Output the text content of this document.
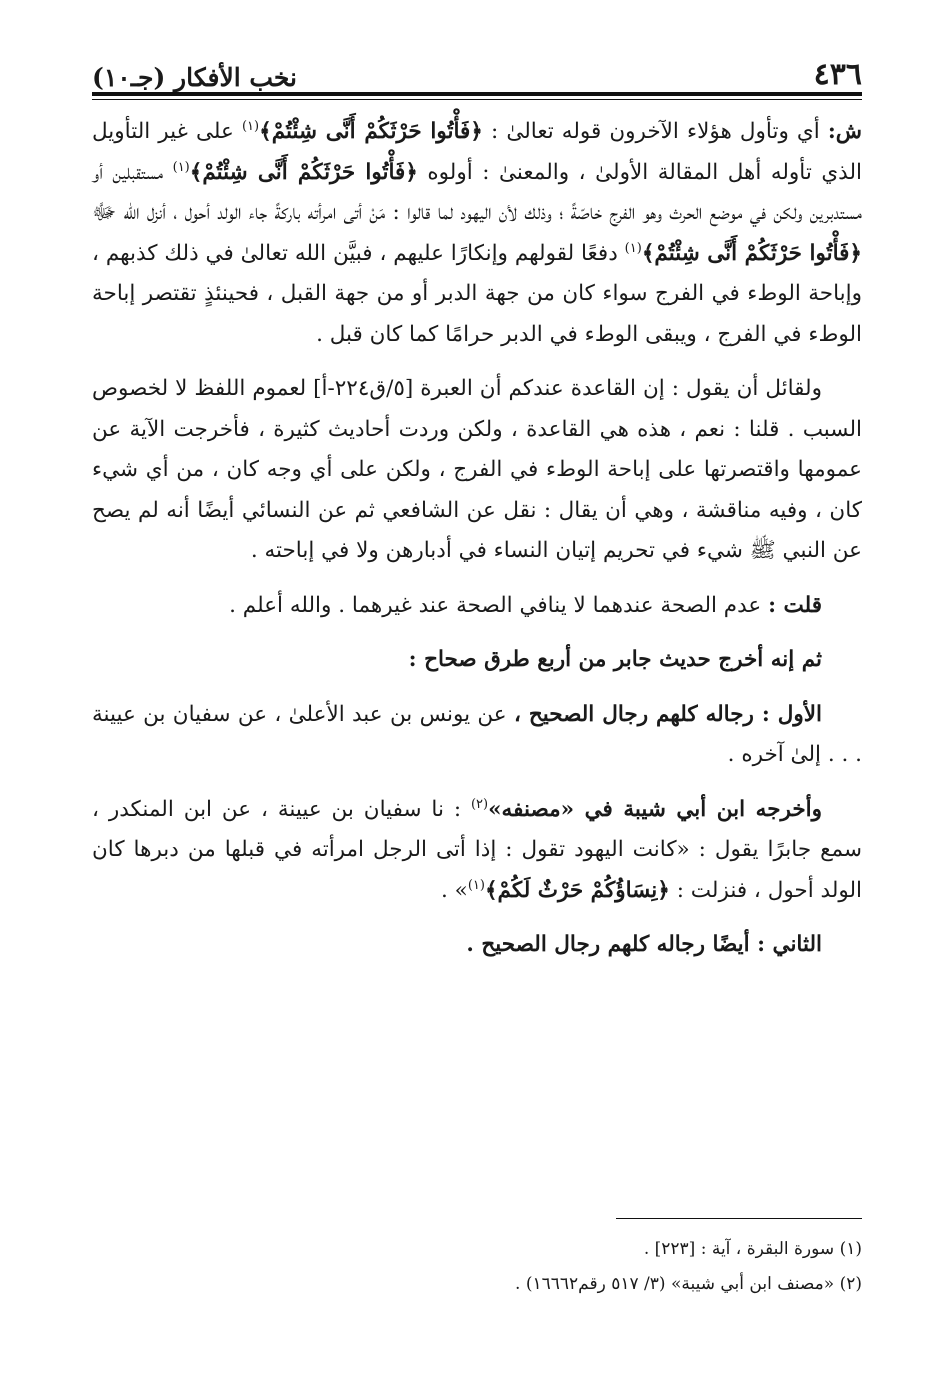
٤٣٦
نخب الأفكار (جـ١٠)

ش: أي وتأول هؤلاء الآخرون قوله تعالىٰ : ﴿فَأْتُوا حَرْثَكُمْ أَنَّى شِئْتُمْ﴾$^{(١)}$ على غير التأويل الذي تأوله أهل المقالة الأولىٰ ، والمعنىٰ : أولوه ﴿فَأْتُوا حَرْثَكُمْ أَنَّى شِئْتُمْ﴾$^{(١)}$ مستقبلين أو مستدبرين ولكن في موضع الحرث وهو الفرج خاصّةً ؛ وذلك لأن اليهود لما قالوا : مَنْ أتى امرأته باركةً جاء الولد أحول ، أنزل الله ﷻ ﴿فَأْتُوا حَرْثَكُمْ أَنَّى شِئْتُمْ﴾$^{(١)}$ دفعًا لقولهم وإنكارًا عليهم ، فبيَّن الله تعالىٰ في ذلك كذبهم ، وإباحة الوطء في الفرج سواء كان من جهة الدبر أو من جهة القبل ، فحينئذٍ تقتصر إباحة الوطء في الفرج ، ويبقى الوطء في الدبر حرامًا كما كان قبل .

ولقائل أن يقول : إن القاعدة عندكم أن العبرة [٥/ق٢٢٤-أ] لعموم اللفظ لا لخصوص السبب . قلنا : نعم ، هذه هي القاعدة ، ولكن وردت أحاديث كثيرة ، فأخرجت الآية عن عمومها واقتصرتها على إباحة الوطء في الفرج ، ولكن على أي وجه كان ، من أي شيء كان ، وفيه مناقشة ، وهي أن يقال : نقل عن الشافعي ثم عن النسائي أيضًا أنه لم يصح عن النبي ﷺ شيء في تحريم إتيان النساء في أدبارهن ولا في إباحته .

قلت : عدم الصحة عندهما لا ينافي الصحة عند غيرهما . والله أعلم .

ثم إنه أخرج حديث جابر من أربع طرق صحاح :

الأول : رجاله كلهم رجال الصحيح ، عن يونس بن عبد الأعلىٰ ، عن سفيان بن عيينة . . . إلىٰ آخره .

وأخرجه ابن أبي شيبة في «مصنفه»$^{(٢)}$ : نا سفيان بن عيينة ، عن ابن المنكدر ، سمع جابرًا يقول : «كانت اليهود تقول : إذا أتى الرجل امرأته في قبلها من دبرها كان الولد أحول ، فنزلت : ﴿نِسَاؤُكُمْ حَرْثٌ لَكُمْ﴾$^{(١)}$» .

الثاني : أيضًا رجاله كلهم رجال الصحيح .

(١) سورة البقرة ، آية : [٢٢٣] .

(٢) «مصنف ابن أبي شيبة» (٣/ ٥١٧ رقم١٦٦٦٢) .
